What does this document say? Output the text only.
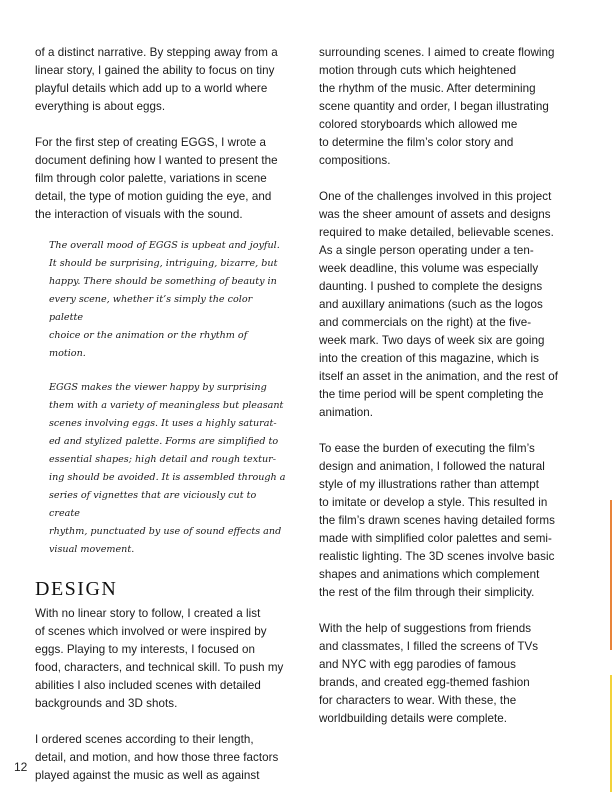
of a distinct narrative. By stepping away from a
linear story, I gained the ability to focus on tiny
playful details which add up to a world where
everything is about eggs.

For the first step of creating EGGS, I wrote a
document defining how I wanted to present the
film through color palette, variations in scene
detail, the type of motion guiding the eye, and
the interaction of visuals with the sound.

The overall mood of EGGS is upbeat and joyful.
It should be surprising, intriguing, bizarre, but
happy. There should be something of beauty in
every scene, whether it’s simply the color palette
choice or the animation or the rhythm of motion.

EGGS makes the viewer happy by surprising
them with a variety of meaningless but pleasant
scenes involving eggs. It uses a highly saturat-
ed and stylized palette. Forms are simplified to
essential shapes; high detail and rough textur-
ing should be avoided. It is assembled through a
series of vignettes that are viciously cut to create
rhythm, punctuated by use of sound effects and
visual movement.

DESIGN

With no linear story to follow, I created a list
of scenes which involved or were inspired by
eggs. Playing to my interests, I focused on
food, characters, and technical skill. To push my
abilities I also included scenes with detailed
backgrounds and 3D shots.

I ordered scenes according to their length,
detail, and motion, and how those three factors
played against the music as well as against

surrounding scenes. I aimed to create flowing
motion through cuts which heightened
the rhythm of the music. After determining
scene quantity and order, I began illustrating
colored storyboards which allowed me
to determine the film’s color story and
compositions.

One of the challenges involved in this project
was the sheer amount of assets and designs
required to make detailed, believable scenes.
As a single person operating under a ten-
week deadline, this volume was especially
daunting. I pushed to complete the designs
and auxillary animations (such as the logos
and commercials on the right) at the five-
week mark. Two days of week six are going
into the creation of this magazine, which is
itself an asset in the animation, and the rest of
the time period will be spent completing the
animation.

To ease the burden of executing the film’s
design and animation, I followed the natural
style of my illustrations rather than attempt
to imitate or develop a style. This resulted in
the film’s drawn scenes having detailed forms
made with simplified color palettes and semi-
realistic lighting. The 3D scenes involve basic
shapes and animations which complement
the rest of the film through their simplicity.

With the help of suggestions from friends
and classmates, I filled the screens of TVs
and NYC with egg parodies of famous
brands, and created egg-themed fashion
for characters to wear. With these, the
worldbuilding details were complete.

12
